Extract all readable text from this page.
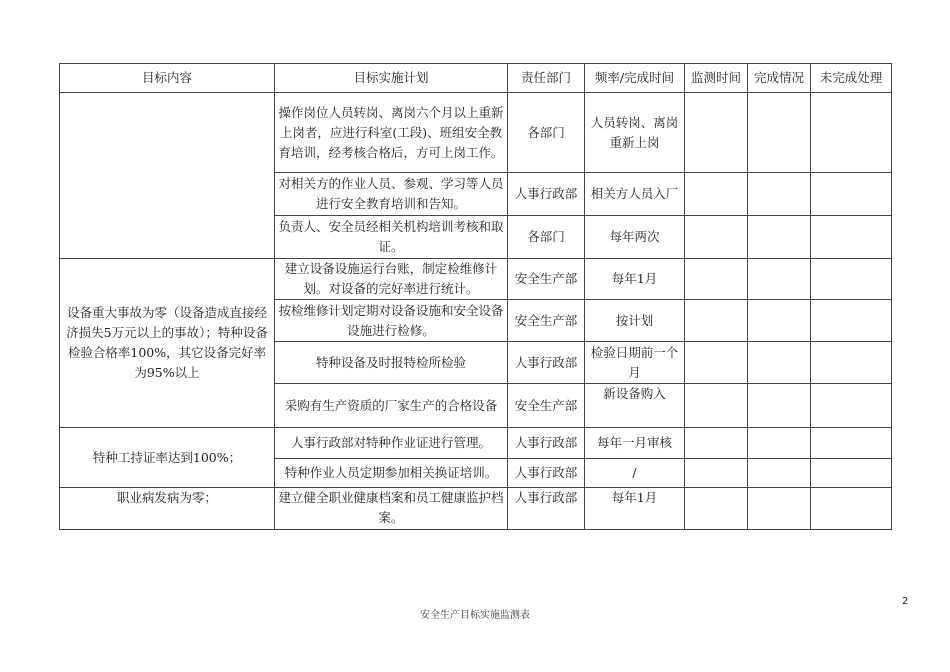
目标内容	目标实施计划	责任部门	频率/完成时间	监测时间	完成情况	未完成处理
	操作岗位人员转岗、离岗六个月以上重新上岗者，应进行科室(工段)、班组安全教育培训，经考核合格后，方可上岗工作。	各部门	人员转岗、离岗重新上岗			
	对相关方的作业人员、参观、学习等人员进行安全教育培训和告知。	人事行政部	相关方人员入厂			
	负责人、安全员经相关机构培训考核和取证。	各部门	每年两次			
设备重大事故为零（设备造成直接经济损失5万元以上的事故）；特种设备检验合格率100%，其它设备完好率为95%以上	建立设备设施运行台账，制定检维修计划。对设备的完好率进行统计。	安全生产部	每年1月			
	按检维修计划定期对设备设施和安全设备设施进行检修。	安全生产部	按计划			
	特种设备及时报特检所检验	人事行政部	检验日期前一个月			
	采购有生产资质的厂家生产的合格设备	安全生产部	新设备购入			
特种工持证率达到100%；	人事行政部对特种作业证进行管理。	人事行政部	每年一月审核			
	特种作业人员定期参加相关换证培训。	人事行政部	/			
职业病发病为零；	建立健全职业健康档案和员工健康监护档案。	人事行政部	每年1月			
2
安全生产目标实施监测表
